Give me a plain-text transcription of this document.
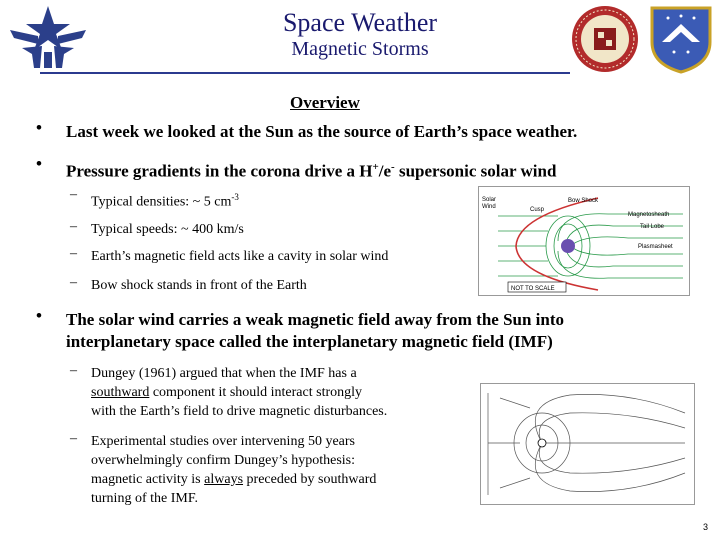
Space Weather
Magnetic Storms
Overview
• Last week we looked at the Sun as the source of Earth’s space weather.
• Pressure gradients in the corona drive a H+/e- supersonic solar wind
–
Typical densities: ~ 5 $cm^{-3}$
– Typical speeds: ~ 400 km/s
– Earth’s magnetic field acts like a cavity in solar wind
– Bow shock stands in front of the Earth
Solar
Wind	Cusp
Bow Shock
Magnetosheath
Tail Lobe
Plasmasheet
NOT TO SCALE
• The solar wind carries a weak magnetic field away from the Sun into
interplanetary space called the interplanetary magnetic field (IMF)
– Dungey (1961) argued that when the IMF has a
southward component it should interact strongly
with the Earth’s field to drive magnetic disturbances.
– Experimental studies over intervening 50 years
overwhelmingly confirm Dungey’s hypothesis:
magnetic activity is always preceded by southward
turning of the IMF.
3
